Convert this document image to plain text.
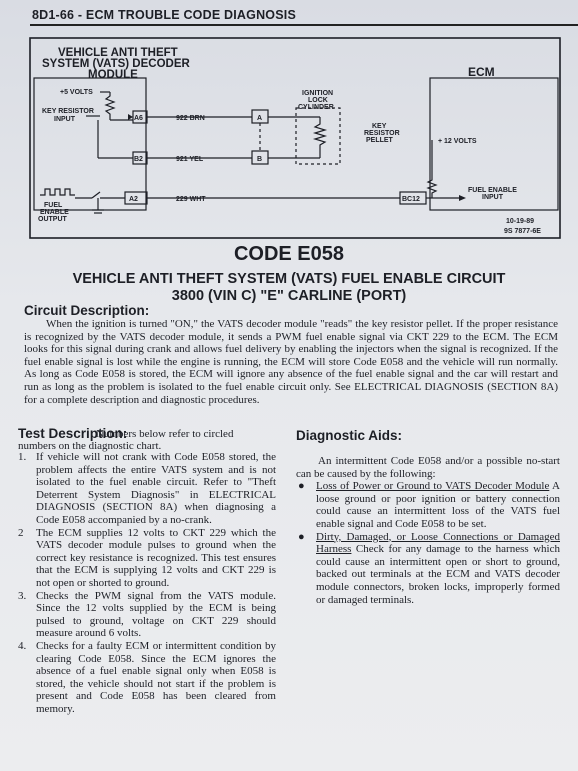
8D1-66 - ECM TROUBLE CODE DIAGNOSIS
VEHICLE ANTI THEFT
SYSTEM (VATS) DECODER
MODULE	ECM
+5 VOLTS
KEY RESISTOR
INPUT	A6
B2
A2
922 BRN
921 YEL
229 WHT
A
B
IGNITION
LOCK
CYLINDER
KEY
RESISTOR
PELLET	+ 12 VOLTS
FUEL ENABLE
INPUT
BC12
FUEL
ENABLE
OUTPUT	10-19-89
9S 7877-6E
CODE E058
VEHICLE ANTI THEFT SYSTEM (VATS) FUEL ENABLE CIRCUIT
3800 (VIN C) "E" CARLINE (PORT)
Circuit Description:
When the ignition is turned "ON," the VATS decoder module "reads" the key resistor pellet. If the proper resistance is recognized by the VATS decoder module, it sends a PWM fuel enable signal via CKT 229 to the ECM. The ECM looks for this signal during crank and allows fuel delivery by enabling the injectors when the signal is recognized. If the fuel enable signal is lost while the engine is running, the ECM will store Code E058 and the vehicle will run normally. As long as Code E058 is stored, the ECM will ignore any absence of the fuel enable signal and the car will restart and run as long as the problem is isolated to the fuel enable circuit only. See ELECTRICAL DIAGNOSIS (SECTION 8A) for a complete description and diagnostic procedures.
Test Description:
Numbers below refer to circled
numbers on the diagnostic chart.
1. If vehicle will not crank with Code E058 stored, the problem affects the entire VATS system and is not isolated to the fuel enable circuit. Refer to "Theft Deterrent System Diagnosis" in ELECTRICAL DIAGNOSIS (SECTION 8A) when diagnosing a Code E058 accompanied by a no-crank.
2 The ECM supplies 12 volts to CKT 229 which the VATS decoder module pulses to ground when the correct key resistance is recognized. This test ensures that the ECM is supplying 12 volts and CKT 229 is not open or shorted to ground.
3. Checks the PWM signal from the VATS module. Since the 12 volts supplied by the ECM is being pulsed to ground, voltage on CKT 229 should measure around 6 volts.
4. Checks for a faulty ECM or intermittent condition by clearing Code E058. Since the ECM ignores the absence of a fuel enable signal only when E058 is stored, the vehicle should not start if the problem is present and Code E058 has been cleared from memory.
Diagnostic Aids:
An intermittent Code E058 and/or a possible no-start can be caused by the following:
● Loss of Power or Ground to VATS Decoder Module A loose ground or poor ignition or battery connection could cause an intermittent loss of the VATS fuel enable signal and Code E058 to be set.
● Dirty, Damaged, or Loose Connections or Damaged Harness Check for any damage to the harness which could cause an intermittent open or short to ground, backed out terminals at the ECM and VATS decoder module connectors, broken locks, improperly formed or damaged terminals.
